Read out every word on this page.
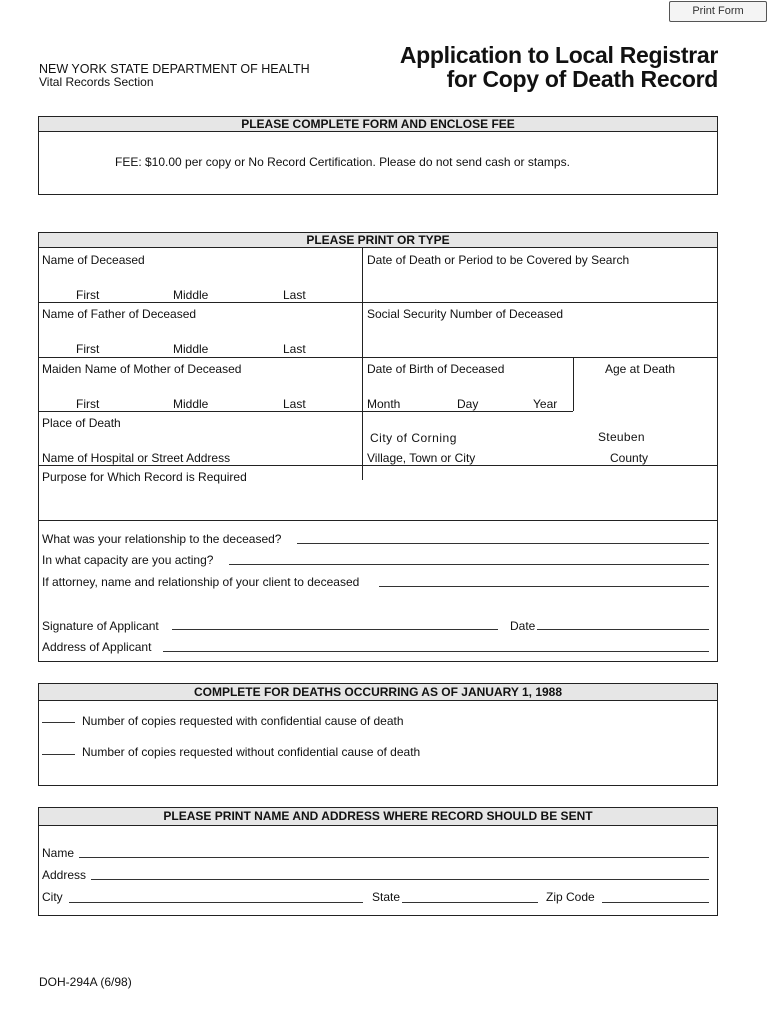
Print Form
NEW YORK STATE DEPARTMENT OF HEALTH
Vital Records Section
Application to Local Registrar
for Copy of Death Record
PLEASE COMPLETE FORM AND ENCLOSE FEE
FEE: $10.00 per copy or No Record Certification. Please do not send cash or stamps.
PLEASE PRINT OR TYPE
Name of Deceased	Date of Death or Period to be Covered by Search
First	Middle	Last
Name of Father of Deceased	Social Security Number of Deceased
First	Middle	Last
Maiden Name of Mother of Deceased	Date of Birth of Deceased	Age at Death
First	Middle	Last	Month	Day	Year
Place of Death
City of Corning	Steuben
Name of Hospital or Street Address	Village, Town or City	County
Purpose for Which Record is Required
What was your relationship to the deceased?
In what capacity are you acting?
If attorney, name and relationship of your client to deceased
Signature of Applicant	Date
Address of Applicant
COMPLETE FOR DEATHS OCCURRING AS OF JANUARY 1, 1988
Number of copies requested with confidential cause of death
Number of copies requested without confidential cause of death
PLEASE PRINT NAME AND ADDRESS WHERE RECORD SHOULD BE SENT
Name
Address
City	State	Zip Code
DOH-294A (6/98)
